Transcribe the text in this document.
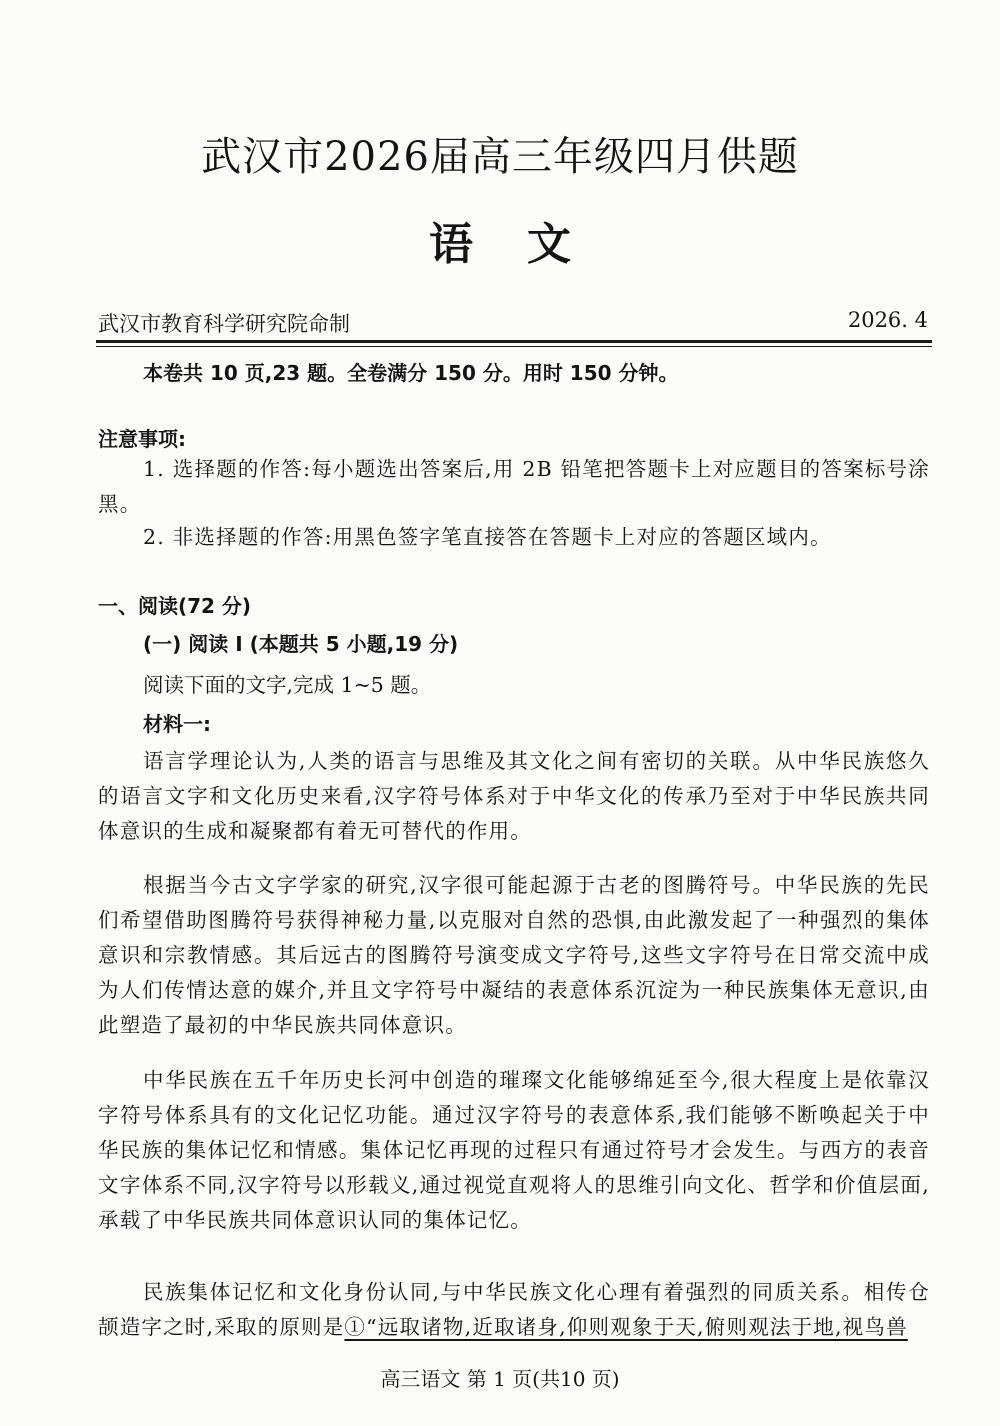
武汉市2026届高三年级四月供题
语文
武汉市教育科学研究院命制	2026. 4
本卷共 10 页,23 题。全卷满分 150 分。用时 150 分钟。
注意事项:

1. 选择题的作答:每小题选出答案后,用 2B 铅笔把答题卡上对应题目的答案标号涂黑。

2. 非选择题的作答:用黑色签字笔直接答在答题卡上对应的答题区域内。

一、阅读(72 分)
(一) 阅读 I (本题共 5 小题,19 分)
阅读下面的文字,完成 1~5 题。
材料一:

语言学理论认为,人类的语言与思维及其文化之间有密切的关联。从中华民族悠久的语言文字和文化历史来看,汉字符号体系对于中华文化的传承乃至对于中华民族共同体意识的生成和凝聚都有着无可替代的作用。

根据当今古文字学家的研究,汉字很可能起源于古老的图腾符号。中华民族的先民们希望借助图腾符号获得神秘力量,以克服对自然的恐惧,由此激发起了一种强烈的集体意识和宗教情感。其后远古的图腾符号演变成文字符号,这些文字符号在日常交流中成为人们传情达意的媒介,并且文字符号中凝结的表意体系沉淀为一种民族集体无意识,由此塑造了最初的中华民族共同体意识。

中华民族在五千年历史长河中创造的璀璨文化能够绵延至今,很大程度上是依靠汉字符号体系具有的文化记忆功能。通过汉字符号的表意体系,我们能够不断唤起关于中华民族的集体记忆和情感。集体记忆再现的过程只有通过符号才会发生。与西方的表音文字体系不同,汉字符号以形载义,通过视觉直观将人的思维引向文化、哲学和价值层面,承载了中华民族共同体意识认同的集体记忆。

民族集体记忆和文化身份认同,与中华民族文化心理有着强烈的同质关系。相传仓颉造字之时,采取的原则是①“远取诸物,近取诸身,仰则观象于天,俯则观法于地,视鸟兽

高三语文 第 1 页(共10 页)
